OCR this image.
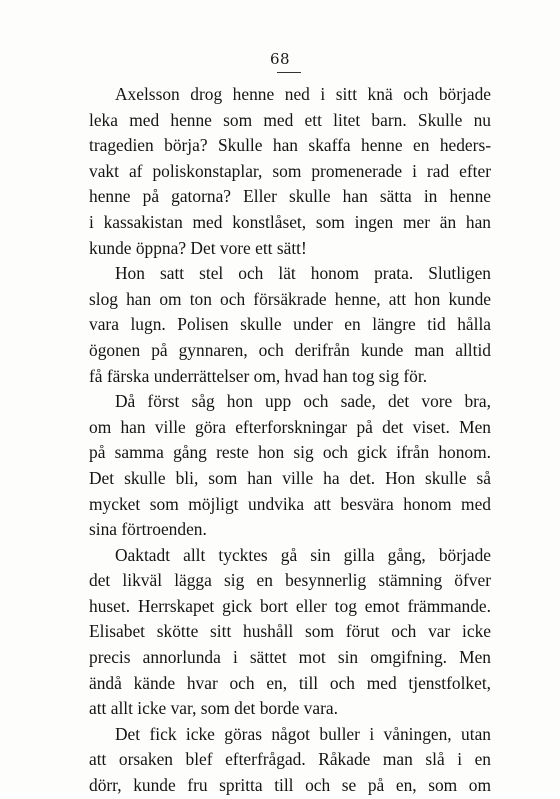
68

Axelsson drog henne ned i sitt knä och började
leka med henne som med ett litet barn. Skulle nu
tragedien börja? Skulle han skaffa henne en heders-
vakt af poliskonstaplar, som promenerade i rad efter
henne på gatorna? Eller skulle han sätta in henne
i kassakistan med konstlåset, som ingen mer än han
kunde öppna? Det vore ett sätt!

Hon satt stel och lät honom prata. Slutligen
slog han om ton och försäkrade henne, att hon kunde
vara lugn. Polisen skulle under en längre tid hålla
ögonen på gynnaren, och derifrån kunde man alltid
få färska underrättelser om, hvad han tog sig för.

Då först såg hon upp och sade, det vore bra,
om han ville göra efterforskningar på det viset. Men
på samma gång reste hon sig och gick ifrån honom.
Det skulle bli, som han ville ha det. Hon skulle så
mycket som möjligt undvika att besvära honom med
sina förtroenden.

Oaktadt allt tycktes gå sin gilla gång, började
det likväl lägga sig en besynnerlig stämning öfver
huset. Herrskapet gick bort eller tog emot främmande.
Elisabet skötte sitt hushåll som förut och var icke
precis annorlunda i sättet mot sin omgifning. Men
ändå kände hvar och en, till och med tjenstfolket,
att allt icke var, som det borde vara.

Det fick icke göras något buller i våningen, utan
att orsaken blef efterfrågad. Råkade man slå i en
dörr, kunde fru spritta till och se på en, som om
